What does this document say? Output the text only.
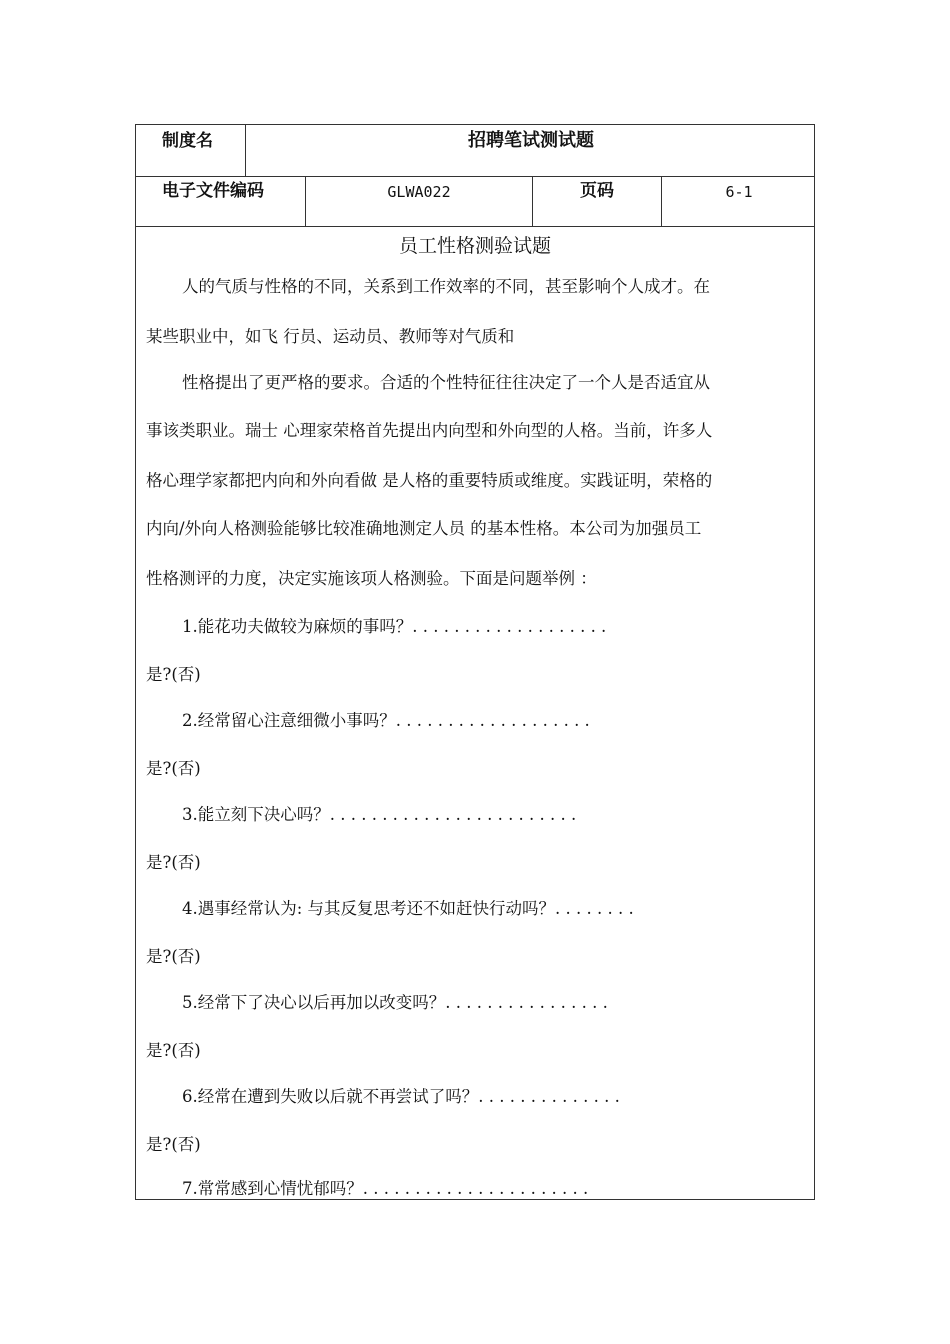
制度名	招聘笔试测试题
电子文件编码	GLWA022	页码	6-1
员工性格测验试题
人的气质与性格的不同，关系到工作效率的不同，甚至影响个人成才。在
某些职业中，如飞 行员、运动员、教师等对气质和
性格提出了更严格的要求。合适的个性特征往往决定了一个人是否适宜从
事该类职业。瑞士 心理家荣格首先提出内向型和外向型的人格。当前，许多人
格心理学家都把内向和外向看做 是人格的重要特质或维度。实践证明，荣格的
内向/外向人格测验能够比较准确地测定人员 的基本性格。本公司为加强员工
性格测评的力度，决定实施该项人格测验。下面是问题举例 ：
1.能花功夫做较为麻烦的事吗？. . . . . . . . . . . . . . . . . . .
是?(否)
2.经常留心注意细微小事吗？. . . . . . . . . . . . . . . . . . .
是?(否)
3.能立刻下决心吗？. . . . . . . . . . . . . . . . . . . . . . . .
是?(否)
4.遇事经常认为: 与其反复思考还不如赶快行动吗？. . . . . . . .
是?(否)
5.经常下了决心以后再加以改变吗？. . . . . . . . . . . . . . . .
是?(否)
6.经常在遭到失败以后就不再尝试了吗？. . . . . . . . . . . . . .
是?(否)
7.常常感到心情忧郁吗？. . . . . . . . . . . . . . . . . . . . . .
